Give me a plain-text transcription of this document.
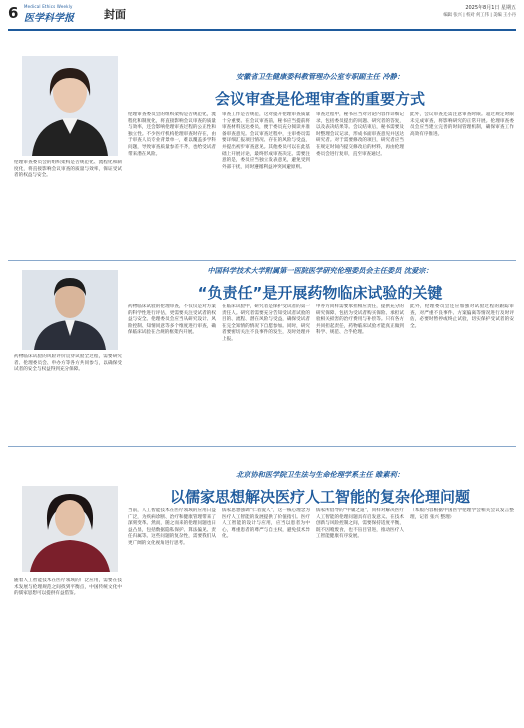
6 Medical Ethics Weekly
医学科学报	封面	2025年8月1日 星期五
编辑 张兴 | 校对 何工伟 | 美编 王小丹
安徽省卫生健康委科教管理办公室专职副主任 冷静：
会议审查是伦理审查的重要方式
伦理审查委员会的组织架构是否规范化、流程化和制度化，将直接影响会议审查的质量与效率，保证受试者的权益与安全。
伦理审查委员会的组织架构是否规范化，流程化和制度化，将直接影响会议审查的质量与效率，还会影响伦理审查过程的公正性和独立性。不少医疗机构伦理审查时存在，由于审查人员专业背景单一，难以覆盖多学科问题，导致审查质量参差不齐，也给受试者带来潜在风险。
审查工作是否规范，这对提升伦理审查质量十分重要。在会议审查前，秘书应当提前将审查材料送达委员，便于委员充分阅读并准备审查意见。会议审查过程中，主审委员需要详细汇报项目情况、存在的风险与受益，并提出初步审查意见。其他委员可以在此基础上开展讨论，最终形成审查决定。需要注意的是，委员应当独立发表意见，避免受到外部干扰，同时遵循利益冲突回避原则。
审查过程中，秘书应当对讨论内容作详细记录，包括委员提出的问题、研究者的答复，以及表决结果等。会议结束后，秘书需要及时整理会议记录，形成书面审查意见并送达研究者。对于需要修改的项目，研究者应当在规定时间内提交修改后的材料，再由伦理委员会进行复审，直至审查通过。
此外，会议审查还需注意审查时限。超过规定时限未完成审查，将影响研究的正常开展。伦理审查委员会应当建立完善的时间管理机制，确保审查工作高效有序推进。
中国科学技术大学附属第一医院医学研究伦理委员会主任委员 沈爱宗：
“负责任”是开展药物临床试验的关键
药物临床试验的风险评价贯穿试验全过程，需要研究者、伦理委员会、申办方等各方共同参与，以确保受试者的安全与权益得到充分保障。
药物临床试验的伦理审查，不仅仅是对方案的科学性进行评估，更需要关注受试者的权益与安全。伦理委员会应当从研究设计、风险控制、知情同意等多个维度进行审查，确保临床试验在合规的框架内开展。
在临床试验中，研究者是保护受试者的第一责任人。研究者需要充分告知受试者试验的目的、流程、潜在风险与受益，确保受试者在完全知情的情况下自愿参加。同时，研究者要密切关注不良事件的发生，及时处理并上报。
申办方同样需要承担相应责任，提供充分的研究保障，包括为受试者购买保险、承担试验相关损害的治疗费用与补偿等。只有各方共同担起责任，药物临床试验才能真正做到科学、规范、合乎伦理。
此外，伦理委员会还应加强对试验过程的跟踪审查，对严重不良事件、方案偏离等情况进行及时评估，必要时暂停或终止试验，切实保护受试者的安全。
北京协和医学院卫生法与生命伦理学系主任 睢素利：
以儒家思想解决医疗人工智能的复杂伦理问题
随着人工智能技术在医疗领域的广泛应用，需要在技术发展与伦理规范之间找到平衡点，中国传统文化中的儒家思想可以提供有益借鉴。
当前，人工智能技术在医疗领域的应用日益广泛，为疾病诊断、治疗和健康管理带来了深刻变革。然而，随之而来的伦理问题也日益凸显，包括数据隐私保护、算法偏见、责任归属等。这些问题的复杂性，需要我们从更广阔的文化视角进行思考。
儒家思想强调“仁者爱人”，这一核心理念为医疗人工智能的发展提供了价值指引。医疗人工智能的设计与应用，应当以患者为中心，尊重患者的尊严与自主权，避免技术异化。
儒家所倡导的“中庸之道”，同样对解决医疗人工智能的伦理问题具有启发意义。在技术创新与风险控制之间，需要保持适度平衡，既不因噎废食，也不盲目冒进，推动医疗人工智能健康有序发展。
（本版内容根据中国医学伦理学会相关会议发言整理，记者 张兴 整理）
